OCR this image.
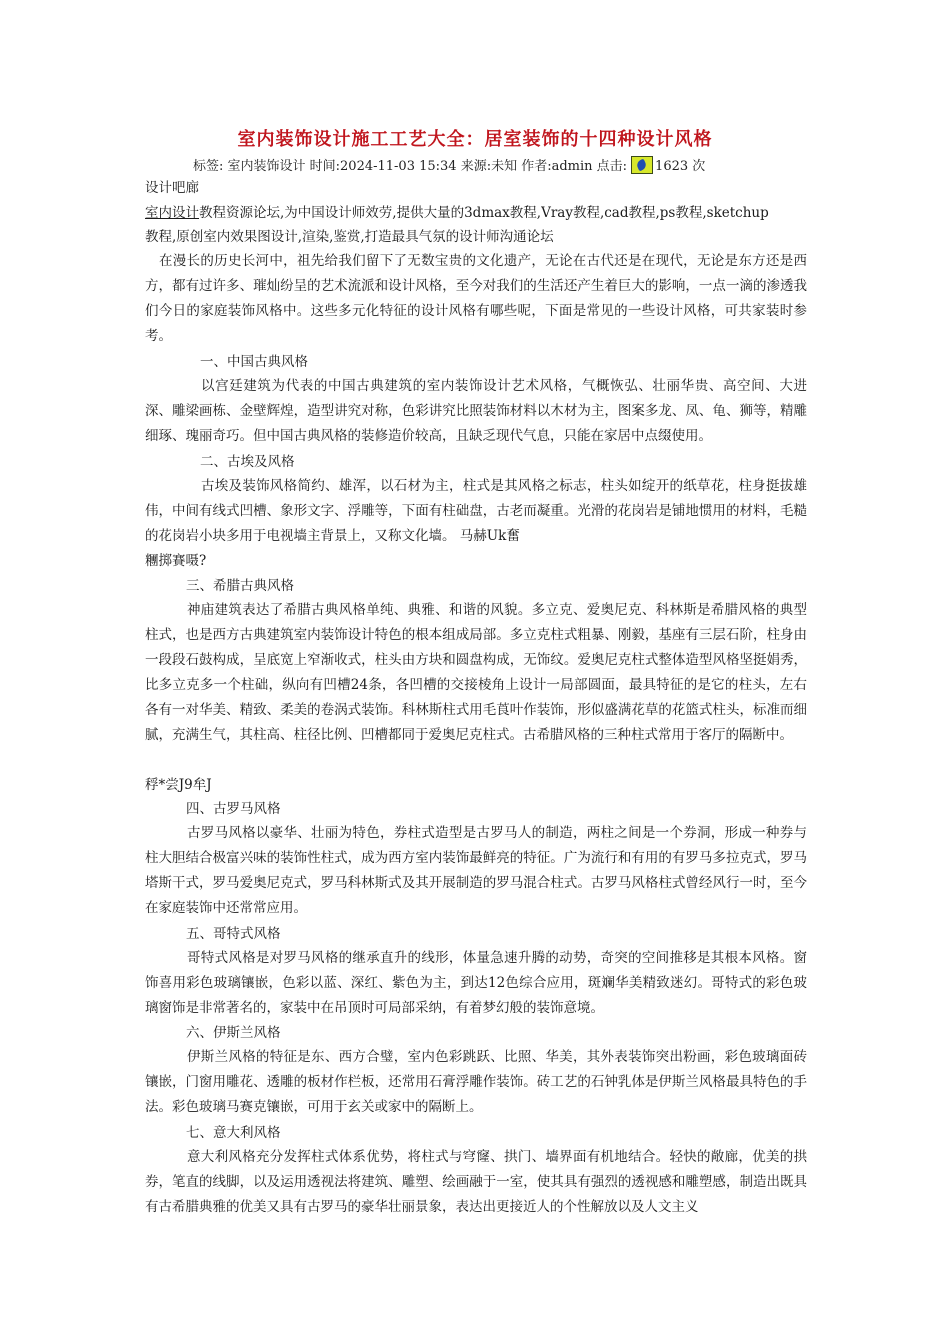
室内装饰设计施工工艺大全：居室装饰的十四种设计风格
标签: 室内装饰设计 时间:2024-11-03 15:34 来源:未知 作者:admin 点击: 1623 次
设计吧廊
室内设计教程资源论坛,为中国设计师效劳,提供大量的3dmax教程,Vray教程,cad教程,ps教程,sketchup
教程,原创室内效果图设计,渲染,鉴赏,打造最具气氛的设计师沟通论坛
在漫长的历史长河中，祖先给我们留下了无数宝贵的文化遗产，无论在古代还是在现代，无论是东方还是西方，都有过许多、璀灿纷呈的艺术流派和设计风格，至今对我们的生活还产生着巨大的影响，一点一滴的渗透我们今日的家庭装饰风格中。这些多元化特征的设计风格有哪些呢，下面是常见的一些设计风格，可共家装时参考。
一、中国古典风格
以宫廷建筑为代表的中国古典建筑的室内装饰设计艺术风格，气概恢弘、壮丽华贵、高空间、大进深、雕梁画栋、金壁辉煌，造型讲究对称，色彩讲究比照装饰材料以木材为主，图案多龙、凤、龟、狮等，精雕细琢、瑰丽奇巧。但中国古典风格的装修造价较高，且缺乏现代气息，只能在家居中点缀使用。
二、古埃及风格
古埃及装饰风格简约、雄浑，以石材为主，柱式是其风格之标志，柱头如绽开的纸草花，柱身挺拔雄伟，中间有线式凹槽、象形文字、浮雕等，下面有柱础盘，古老而凝重。光滑的花岗岩是铺地惯用的材料，毛糙的花岗岩小块多用于电视墙主背景上，又称文化墙。 马赫Uk奮
糰掷賽嗫?
三、希腊古典风格
神庙建筑表达了希腊古典风格单纯、典雅、和谐的风貌。多立克、爱奥尼克、科林斯是希腊风格的典型柱式，也是西方古典建筑室内装饰设计特色的根本组成局部。多立克柱式粗暴、刚毅，基座有三层石阶，柱身由一段段石鼓构成，呈底宽上窄渐收式，柱头由方块和圆盘构成，无饰纹。爱奥尼克柱式整体造型风格坚挺娟秀，比多立克多一个柱础，纵向有凹槽24条，各凹槽的交接棱角上设计一局部圆面，最具特征的是它的柱头，左右各有一对华美、精致、柔美的卷涡式装饰。科林斯柱式用毛莨叶作装饰，形似盛满花草的花篮式柱头，标准而细腻，充满生气，其柱高、柱径比例、凹槽都同于爱奥尼克柱式。古希腊风格的三种柱式常用于客厅的隔断中。
稃*尝J9牟J
四、古罗马风格
古罗马风格以豪华、壮丽为特色，券柱式造型是古罗马人的制造，两柱之间是一个券洞，形成一种券与柱大胆结合极富兴味的装饰性柱式，成为西方室内装饰最鲜亮的特征。广为流行和有用的有罗马多拉克式，罗马塔斯干式，罗马爱奥尼克式，罗马科林斯式及其开展制造的罗马混合柱式。古罗马风格柱式曾经风行一时，至今在家庭装饰中还常常应用。
五、哥特式风格
哥特式风格是对罗马风格的继承直升的线形，体量急速升腾的动势，奇突的空间推移是其根本风格。窗饰喜用彩色玻璃镶嵌，色彩以蓝、深红、紫色为主，到达12色综合应用，斑斓华美精致迷幻。哥特式的彩色玻璃窗饰是非常著名的，家装中在吊顶时可局部采纳，有着梦幻般的装饰意境。
六、伊斯兰风格
伊斯兰风格的特征是东、西方合璧，室内色彩跳跃、比照、华美，其外表装饰突出粉画，彩色玻璃面砖镶嵌，门窗用雕花、透雕的板材作栏板，还常用石膏浮雕作装饰。砖工艺的石钟乳体是伊斯兰风格最具特色的手法。彩色玻璃马赛克镶嵌，可用于玄关或家中的隔断上。
七、意大利风格
意大利风格充分发挥柱式体系优势，将柱式与穹窿、拱门、墙界面有机地结合。轻快的敞廊，优美的拱券，笔直的线脚，以及运用透视法将建筑、雕塑、绘画融于一室，使其具有强烈的透视感和雕塑感，制造出既具有古希腊典雅的优美又具有古罗马的豪华壮丽景象，表达出更接近人的个性解放以及人文主义
